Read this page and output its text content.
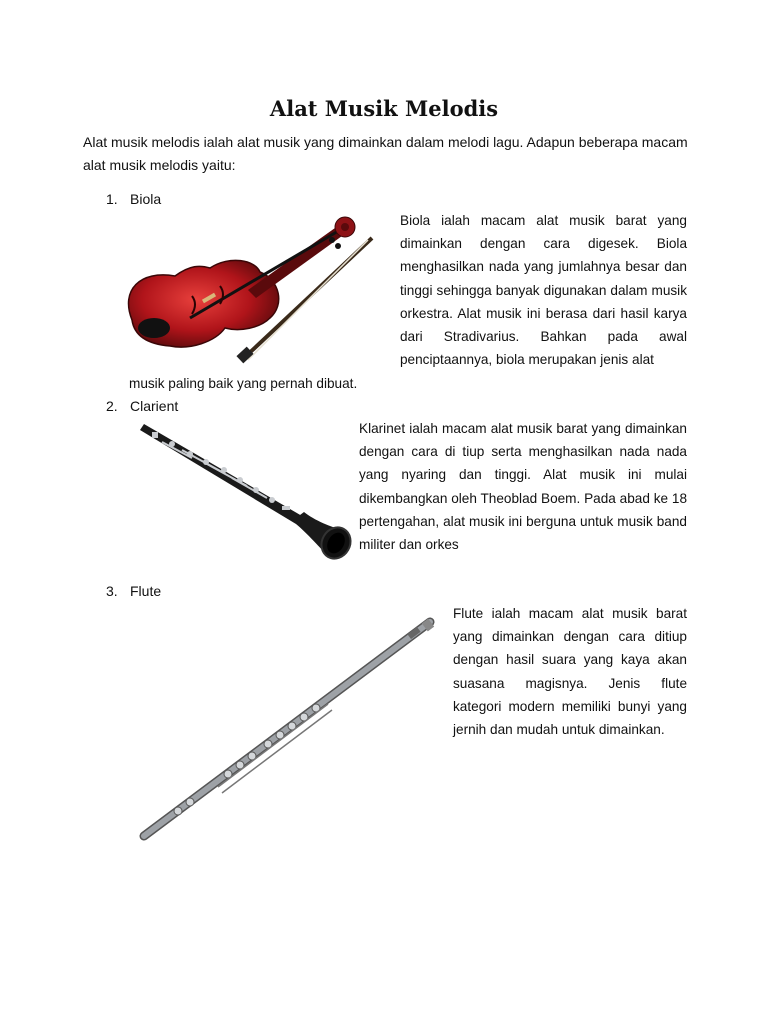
Alat Musik Melodis
Alat musik melodis ialah alat musik yang dimainkan dalam melodi lagu. Adapun beberapa macam alat musik melodis yaitu:
1. Biola
Biola ialah macam alat musik barat yang dimainkan dengan cara digesek. Biola menghasilkan nada yang jumlahnya besar dan tinggi sehingga banyak digunakan dalam musik orkestra. Alat musik ini berasa dari hasil karya dari Stradivarius. Bahkan pada awal penciptaannya, biola merupakan jenis alat
musik paling baik yang pernah dibuat.
2. Clarient
Klarinet ialah macam alat musik barat yang dimainkan dengan cara di tiup serta menghasilkan nada nada yang nyaring dan tinggi. Alat musik ini mulai dikembangkan oleh Theoblad Boem. Pada abad ke 18 pertengahan, alat musik ini berguna untuk musik band militer dan orkes
3. Flute
Flute ialah macam alat musik barat yang dimainkan dengan cara ditiup dengan hasil suara yang kaya akan suasana magisnya. Jenis flute kategori modern memiliki bunyi yang jernih dan mudah untuk dimainkan.
